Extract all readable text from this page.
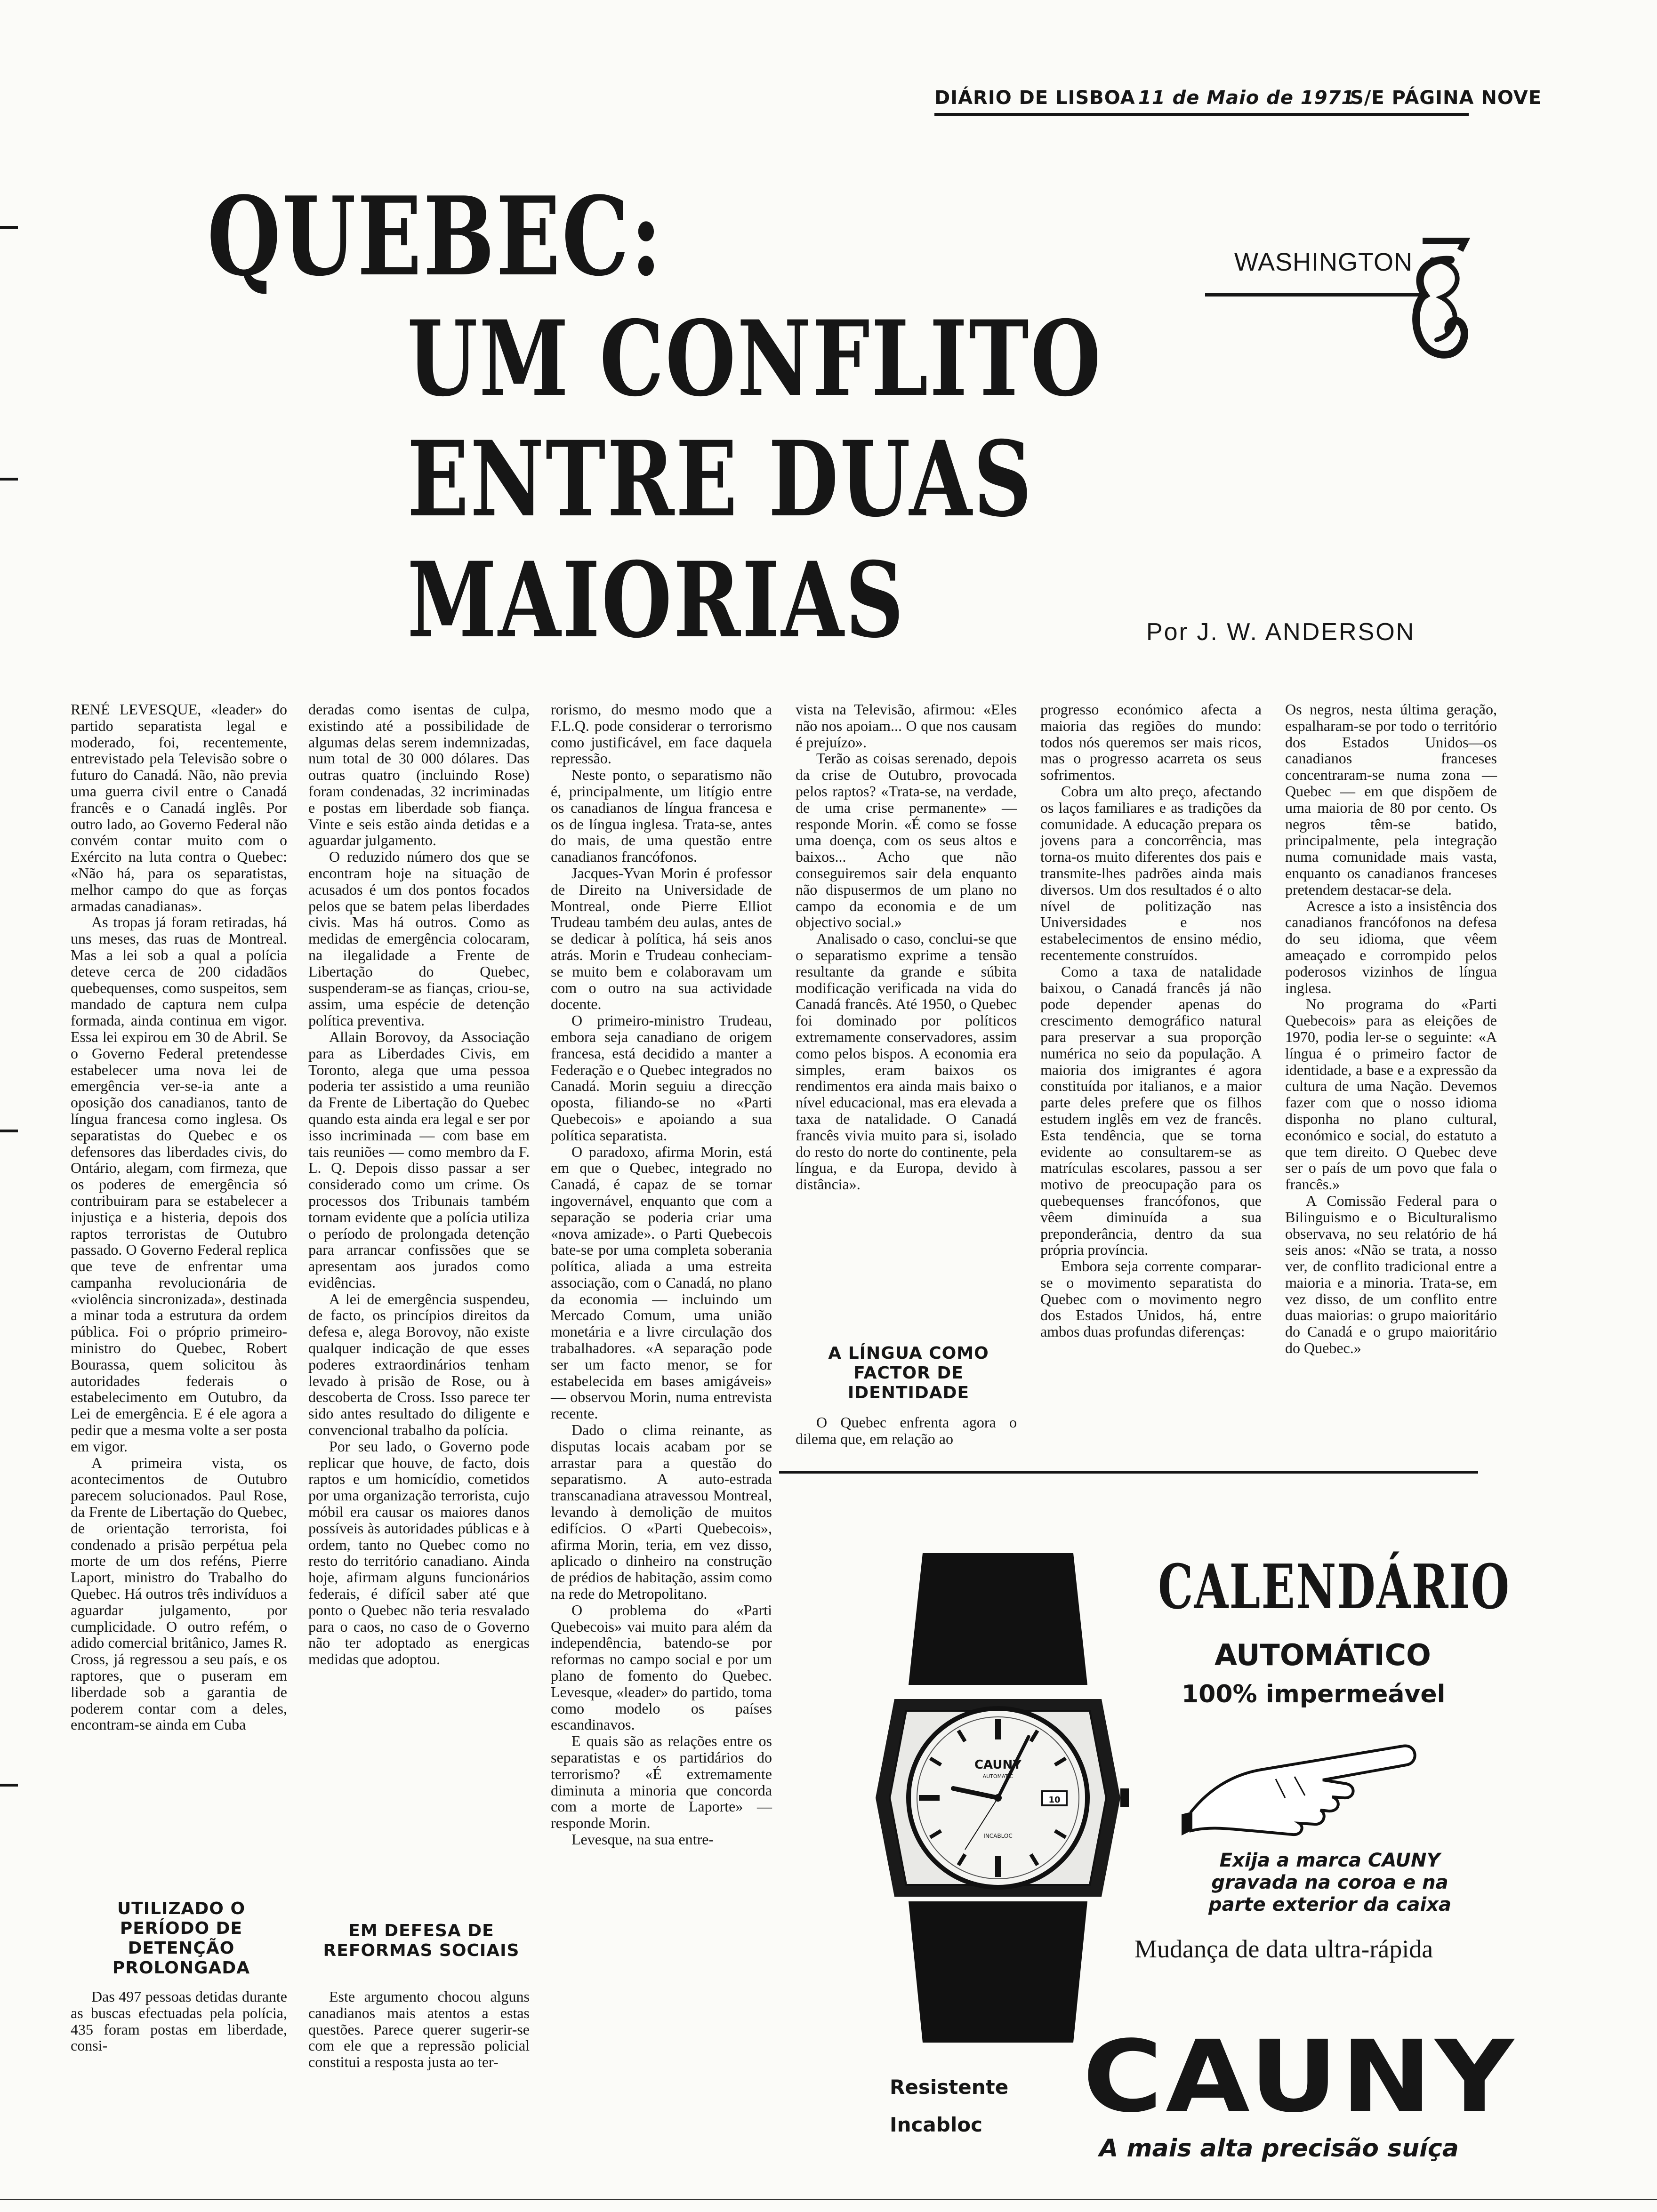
DIÁRIO DE LISBOA 11 de Maio de 1971
S/E PÁGINA NOVE
QUEBEC:
UM CONFLITO
ENTRE DUAS
MAIORIAS
WASHINGTON
Por J. W. ANDERSON

RENÉ LEVESQUE, «leader» do partido separatista legal e moderado, foi, recentemente, entrevistado pela Televisão sobre o futuro do Canadá. Não, não previa uma guerra civil entre o Canadá francês e o Canadá inglês. Por outro lado, ao Governo Federal não convém contar muito com o Exército na luta contra o Quebec: «Não há, para os separatistas, melhor campo do que as forças armadas canadianas».

As tropas já foram retiradas, há uns meses, das ruas de Montreal. Mas a lei sob a qual a polícia deteve cerca de 200 cidadãos quebequenses, como suspeitos, sem mandado de captura nem culpa formada, ainda continua em vigor. Essa lei expirou em 30 de Abril. Se o Governo Federal pretendesse estabelecer uma nova lei de emergência ver-se-ia ante a oposição dos canadianos, tanto de língua francesa como inglesa. Os separatistas do Quebec e os defensores das liberdades civis, do Ontário, alegam, com firmeza, que os poderes de emergência só contribuiram para se estabelecer a injustiça e a histeria, depois dos raptos terroristas de Outubro passado. O Governo Federal replica que teve de enfrentar uma campanha revolucionária de «violência sincronizada», destinada a minar toda a estrutura da ordem pública. Foi o próprio primeiro-ministro do Quebec, Robert Bourassa, quem solicitou às autoridades federais o estabelecimento em Outubro, da Lei de emergência. E é ele agora a pedir que a mesma volte a ser posta em vigor.

A primeira vista, os acontecimentos de Outubro parecem solucionados. Paul Rose, da Frente de Libertação do Quebec, de orientação terrorista, foi condenado a prisão perpétua pela morte de um dos reféns, Pierre Laport, ministro do Trabalho do Quebec. Há outros três indivíduos a aguardar julgamento, por cumplicidade. O outro refém, o adido comercial britânico, James R. Cross, já regressou a seu país, e os raptores, que o puseram em liberdade sob a garantia de poderem contar com a deles, encontram-se ainda em Cuba

UTILIZADO O PERÍODO DE DETENÇÃO PROLONGADA

Das 497 pessoas detidas durante as buscas efectuadas pela polícia, 435 foram postas em liberdade, consi-

deradas como isentas de culpa, existindo até a possibilidade de algumas delas serem indemnizadas, num total de 30 000 dólares. Das outras quatro (incluindo Rose) foram condenadas, 32 incriminadas e postas em liberdade sob fiança. Vinte e seis estão ainda detidas e a aguardar julgamento.

O reduzido número dos que se encontram hoje na situação de acusados é um dos pontos focados pelos que se batem pelas liberdades civis. Mas há outros. Como as medidas de emergência colocaram, na ilegalidade a Frente de Libertação do Quebec, suspenderam-se as fianças, criou-se, assim, uma espécie de detenção política preventiva.

Allain Borovoy, da Associação para as Liberdades Civis, em Toronto, alega que uma pessoa poderia ter assistido a uma reunião da Frente de Libertação do Quebec quando esta ainda era legal e ser por isso incriminada — com base em tais reuniões — como membro da F. L. Q. Depois disso passar a ser considerado como um crime. Os processos dos Tribunais também tornam evidente que a polícia utiliza o período de prolongada detenção para arrancar confissões que se apresentam aos jurados como evidências.

A lei de emergência suspendeu, de facto, os princípios direitos da defesa e, alega Borovoy, não existe qualquer indicação de que esses poderes extraordinários tenham levado à prisão de Rose, ou à descoberta de Cross. Isso parece ter sido antes resultado do diligente e convencional trabalho da polícia.

Por seu lado, o Governo pode replicar que houve, de facto, dois raptos e um homicídio, cometidos por uma organização terrorista, cujo móbil era causar os maiores danos possíveis às autoridades públicas e à ordem, tanto no Quebec como no resto do território canadiano. Ainda hoje, afirmam alguns funcionários federais, é difícil saber até que ponto o Quebec não teria resvalado para o caos, no caso de o Governo não ter adoptado as energicas medidas que adoptou.

EM DEFESA DE REFORMAS SOCIAIS

Este argumento chocou alguns canadianos mais atentos a estas questões. Parece querer sugerir-se com ele que a repressão policial constitui a resposta justa ao ter-

rorismo, do mesmo modo que a F.L.Q. pode considerar o terrorismo como justificável, em face daquela repressão.

Neste ponto, o separatismo não é, principalmente, um litígio entre os canadianos de língua francesa e os de língua inglesa. Trata-se, antes do mais, de uma questão entre canadianos francófonos.

Jacques-Yvan Morin é professor de Direito na Universidade de Montreal, onde Pierre Elliot Trudeau também deu aulas, antes de se dedicar à política, há seis anos atrás. Morin e Trudeau conheciam-se muito bem e colaboravam um com o outro na sua actividade docente.

O primeiro-ministro Trudeau, embora seja canadiano de origem francesa, está decidido a manter a Federação e o Quebec integrados no Canadá. Morin seguiu a direcção oposta, filiando-se no «Parti Quebecois» e apoiando a sua política separatista.

O paradoxo, afirma Morin, está em que o Quebec, integrado no Canadá, é capaz de se tornar ingovernável, enquanto que com a separação se poderia criar uma «nova amizade». o Parti Quebecois bate-se por uma completa soberania política, aliada a uma estreita associação, com o Canadá, no plano da economia — incluindo um Mercado Comum, uma união monetária e a livre circulação dos trabalhadores. «A separação pode ser um facto menor, se for estabelecida em bases amigáveis» — observou Morin, numa entrevista recente.

Dado o clima reinante, as disputas locais acabam por se arrastar para a questão do separatismo. A auto-estrada transcanadiana atravessou Montreal, levando à demolição de muitos edifícios. O «Parti Quebecois», afirma Morin, teria, em vez disso, aplicado o dinheiro na construção de prédios de habitação, assim como na rede do Metropolitano.

O problema do «Parti Quebecois» vai muito para além da independência, batendo-se por reformas no campo social e por um plano de fomento do Quebec. Levesque, «leader» do partido, toma como modelo os países escandinavos.

E quais são as relações entre os separatistas e os partidários do terrorismo? «É extremamente diminuta a minoria que concorda com a morte de Laporte» — responde Morin.

Levesque, na sua entre-

vista na Televisão, afirmou: «Eles não nos apoiam... O que nos causam é prejuízo».

Terão as coisas serenado, depois da crise de Outubro, provocada pelos raptos? «Trata-se, na verdade, de uma crise permanente» — responde Morin. «É como se fosse uma doença, com os seus altos e baixos... Acho que não conseguiremos sair dela enquanto não dispusermos de um plano no campo da economia e de um objectivo social.»

Analisado o caso, conclui-se que o separatismo exprime a tensão resultante da grande e súbita modificação verificada na vida do Canadá francês. Até 1950, o Quebec foi dominado por políticos extremamente conservadores, assim como pelos bispos. A economia era simples, eram baixos os rendimentos era ainda mais baixo o nível educacional, mas era elevada a taxa de natalidade. O Canadá francês vivia muito para si, isolado do resto do norte do continente, pela língua, e da Europa, devido à distância».

A LÍNGUA COMO FACTOR DE IDENTIDADE

O Quebec enfrenta agora o dilema que, em relação ao

progresso económico afecta a maioria das regiões do mundo: todos nós queremos ser mais ricos, mas o progresso acarreta os seus sofrimentos.

Cobra um alto preço, afectando os laços familiares e as tradições da comunidade. A educação prepara os jovens para a concorrência, mas torna-os muito diferentes dos pais e transmite-lhes padrões ainda mais diversos. Um dos resultados é o alto nível de politização nas Universidades e nos estabelecimentos de ensino médio, recentemente construídos.

Como a taxa de natalidade baixou, o Canadá francês já não pode depender apenas do crescimento demográfico natural para preservar a sua proporção numérica no seio da população. A maioria dos imigrantes é agora constituída por italianos, e a maior parte deles prefere que os filhos estudem inglês em vez de francês. Esta tendência, que se torna evidente ao consultarem-se as matrículas escolares, passou a ser motivo de preocupação para os quebequenses francófonos, que vêem diminuída a sua preponderância, dentro da sua própria província.

Embora seja corrente comparar-se o movimento separatista do Quebec com o movimento negro dos Estados Unidos, há, entre ambos duas profundas diferenças:

Os negros, nesta última geração, espalharam-se por todo o território dos Estados Unidos—os canadianos franceses concentraram-se numa zona — Quebec — em que dispõem de uma maioria de 80 por cento. Os negros têm-se batido, principalmente, pela integração numa comunidade mais vasta, enquanto os canadianos franceses pretendem destacar-se dela.

Acresce a isto a insistência dos canadianos francófonos na defesa do seu idioma, que vêem ameaçado e corrompido pelos poderosos vizinhos de língua inglesa.

No programa do «Parti Quebecois» para as eleições de 1970, podia ler-se o seguinte: «A língua é o primeiro factor de identidade, a base e a expressão da cultura de uma Nação. Devemos fazer com que o nosso idioma disponha no plano cultural, económico e social, do estatuto a que tem direito. O Quebec deve ser o país de um povo que fala o francês.»

A Comissão Federal para o Bilinguismo e o Biculturalismo observava, no seu relatório de há seis anos: «Não se trata, a nosso ver, de conflito tradicional entre a maioria e a minoria. Trata-se, em vez disso, de um conflito entre duas maiorias: o grupo maioritário do Canadá e o grupo maioritário do Quebec.»

CAUNY
AUTOMATIC
10
INCABLOC
CALENDÁRIO
AUTOMÁTICO
100% impermeável
Exija a marca CAUNY gravada na coroa e na parte exterior da caixa
Mudança de data ultra-rápida
Resistente
Incabloc CAUNY
A mais alta precisão suíça
